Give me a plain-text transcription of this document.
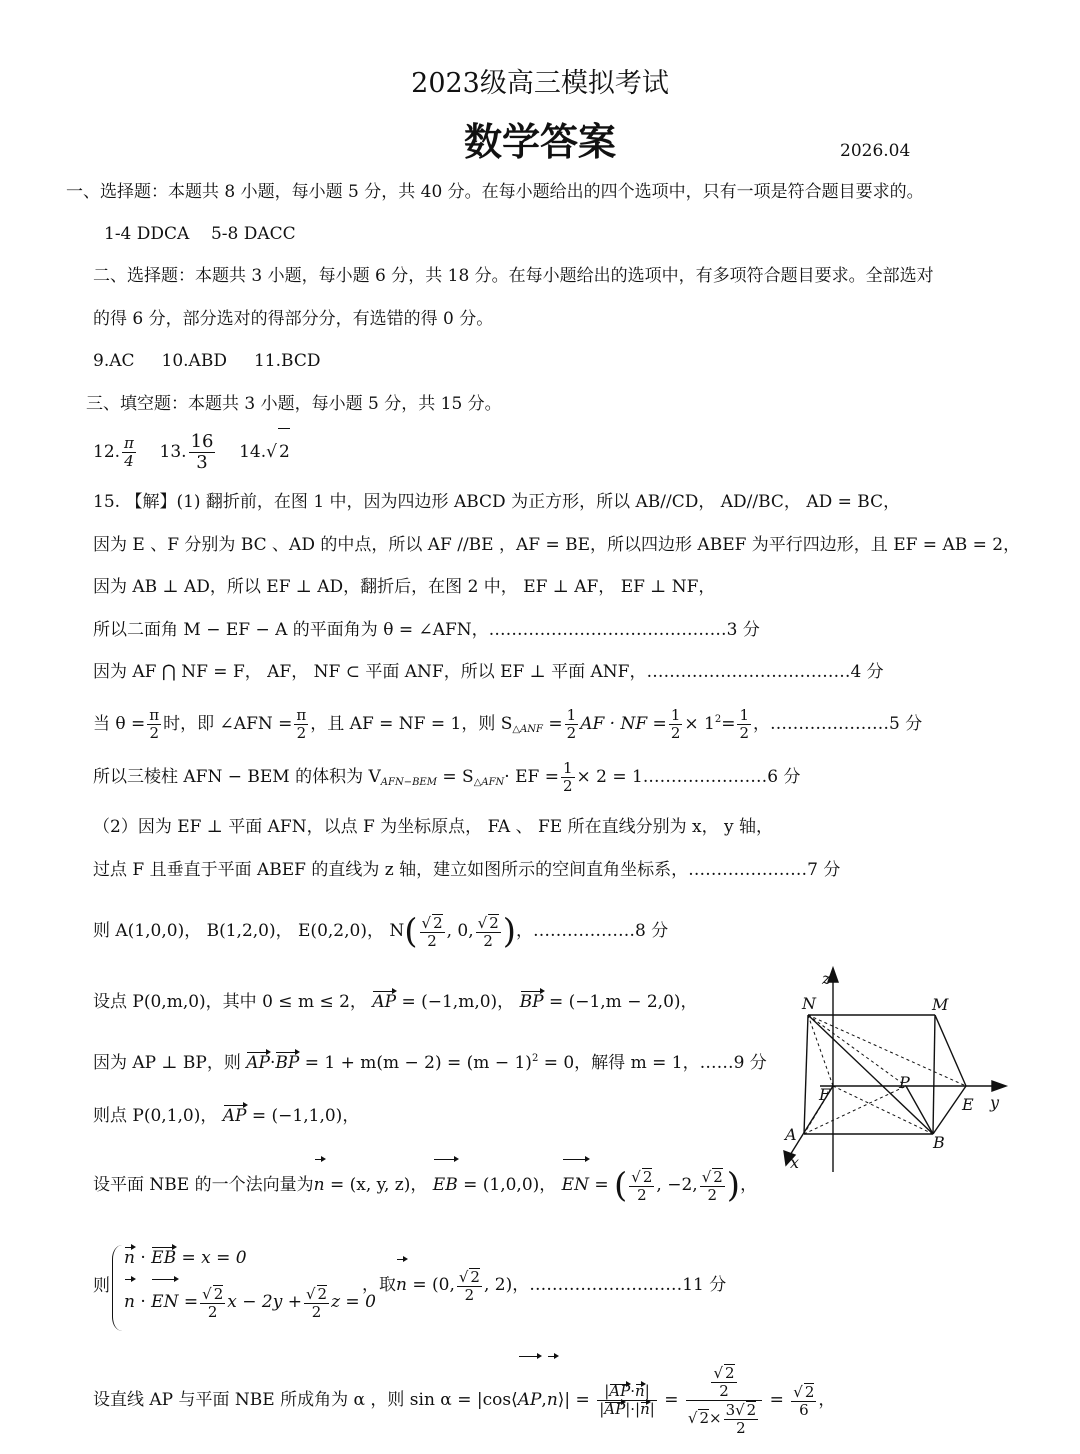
2023级高三模拟考试
数学答案	2026.04
一、选择题：本题共 8 小题，每小题 5 分，共 40 分。在每小题给出的四个选项中，只有一项是符合题目要求的。
1-4 DDCA    5-8 DACC
二、选择题：本题共 3 小题，每小题 6 分，共 18 分。在每小题给出的选项中，有多项符合题目要求。全部选对
的得 6 分，部分选对的得部分分，有选错的得 0 分。
9.AC     10.ABD     11.BCD
三、填空题：本题共 3 小题，每小题 5 分，共 15 分。
12. $\frac{\pi}{4} 13$. $\frac{16}{3} 14.√$ 2
15. 【解】(1) 翻折前，在图 1 中，因为四边形 ABCD 为正方形，所以 AB//CD， AD//BC， AD = BC，
因为 E 、F 分别为 BC 、AD 的中点，所以 AF //BE ，AF = BE，所以四边形 ABEF 为平行四边形，且 EF = AB = 2，
因为 AB ⊥ AD，所以 EF ⊥ AD，翻折后，在图 2 中， EF ⊥ AF， EF ⊥ NF，
所以二面角 M − EF − A 的平面角为 θ = ∠AFN，……………………………………3 分
因为 AF ⋂ NF = F， AF， NF ⊂ 平面 ANF，所以 EF ⊥ 平面 ANF，………………………………4 分
当 $\theta = \frac{\pi}{2}$ 时，即 ∠AFN = $\frac{\pi}{2}$ ，且 AF = NF = 1，则 $S_{\triangle ANF} = \frac{1}{2}$ AF · NF = $\frac{1}{2} \times 1^2= \frac{1}{2}$ ，…………………5 分
所以三棱柱 AFN − BEM 的体积为 $V_{AFN-BEM} = S_{\triangle AFN}\cdot$ EF = $\frac{1}{2} \times 2$ = 1.…………………6 分
（2）因为 EF ⊥ 平面 AFN，以点 F 为坐标原点， FA 、 FE 所在直线分别为 x， y 轴，
过点 F 且垂直于平面 ABEF 的直线为 z 轴，建立如图所示的空间直角坐标系，…………………7 分
则 A(1,0,0)， B(1,2,0)， E(0,2,0)， $N( \frac{√ 2}{2}$ , 0, $\frac{√ 2}{2}$ )，………………8 分
设点 P(0,m,0)，其中 0 ≤ m ≤ 2， AP = (−1,m,0)， BP = (−1,m − 2,0)，
因为 AP ⊥ BP，则 $AP\cdot BP = 1 + m(m - 2) = (m - 1)^2 = 0$，解得 m = 1，……9 分
则点 P(0,1,0)， AP = (−1,1,0)，
设平面 NBE 的一个法向量为n = (x, y, z)， EB = (1,0,0)， EN = ( $\frac{√ 2}{2}$ , −2, $\frac{√ 2}{2}$ )，
则
n · EB = x = 0
n · EN = $\frac{√ 2}{2}$ $x - 2y + \frac{√ 2}{2}$ z = 0
，取n = (0, $\frac{√ 2}{2}$ , 2)，………………………11 分
设直线 AP 与平面 NBE 所成角为 α ，则 sin α = |cos⟨AP,n⟩| = $\frac{|AP\cdot n|}{|AP|\cdot|n|} = \frac{\frac{√ 2}{2}}{√ 2\times \frac{3√ 2}{2}} = \frac{√ 2}{6}$ ，
z
N	M
F
P
E y
A	B
x
